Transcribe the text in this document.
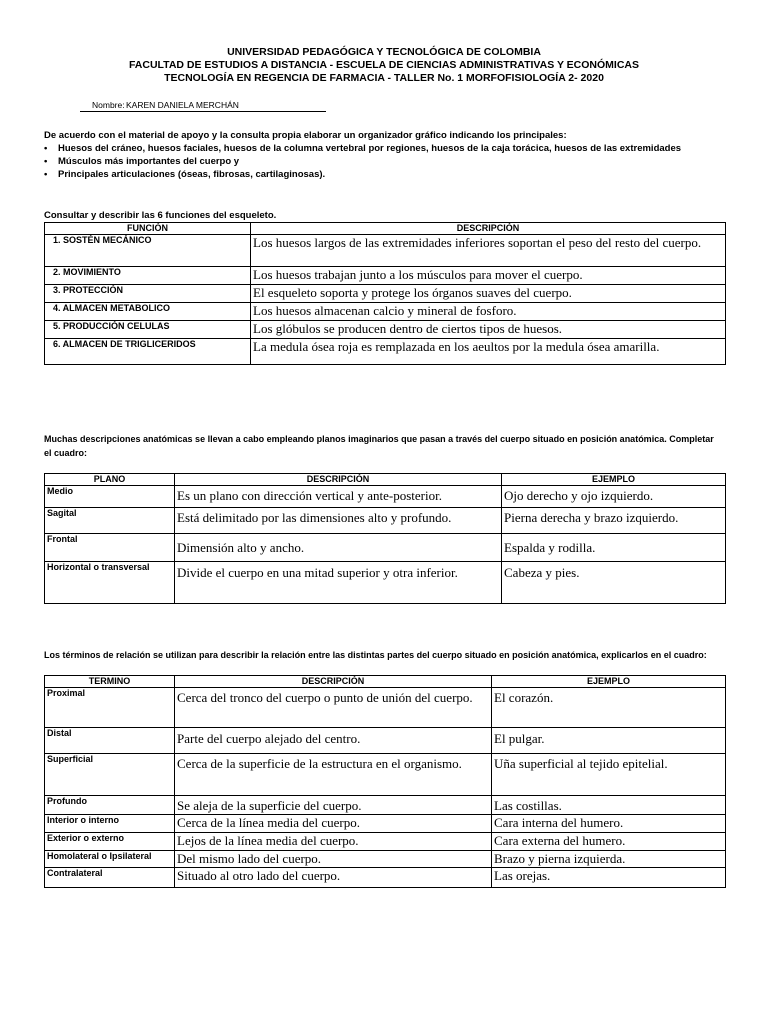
UNIVERSIDAD PEDAGÓGICA Y TECNOLÓGICA DE COLOMBIA
FACULTAD DE ESTUDIOS A DISTANCIA - ESCUELA DE CIENCIAS ADMINISTRATIVAS Y ECONÓMICAS
TECNOLOGÍA EN REGENCIA DE FARMACIA - TALLER No. 1 MORFOFISIOLOGÍA 2- 2020
Nombre: KAREN DANIELA MERCHÁN
De acuerdo con el material de apoyo y la consulta propia elaborar un organizador gráfico indicando los principales:
• Huesos del cráneo, huesos faciales, huesos de la columna vertebral por regiones, huesos de la caja torácica, huesos de las extremidades
• Músculos más importantes del cuerpo y
• Principales articulaciones (óseas, fibrosas, cartilaginosas).
Consultar y describir las 6 funciones del esqueleto.
FUNCIÓN	DESCRIPCIÓN
1. SOSTÉN MECÁNICO	Los huesos largos de las extremidades inferiores soportan el peso del resto del cuerpo.
2. MOVIMIENTO	Los huesos trabajan junto a los músculos para mover el cuerpo.
3. PROTECCIÓN	El esqueleto soporta y protege los órganos suaves del cuerpo.
4. ALMACEN METABOLICO	Los huesos almacenan calcio y mineral de fosforo.
5. PRODUCCIÓN CELULAS	Los glóbulos se producen dentro de ciertos tipos de huesos.
6. ALMACEN DE TRIGLICERIDOS	La medula ósea roja es remplazada en los aeultos por la medula ósea amarilla.
Muchas descripciones anatómicas se llevan a cabo empleando planos imaginarios que pasan a través del cuerpo situado en posición anatómica. Completar
el cuadro:
PLANO	DESCRIPCIÓN	EJEMPLO
Medio	Es un plano con dirección vertical y ante-posterior.	Ojo derecho y ojo izquierdo.
Sagital	Está delimitado por las dimensiones alto y profundo.	Pierna derecha y brazo izquierdo.
Frontal	Dimensión alto y ancho.	Espalda y rodilla.
Horizontal o transversal	Divide el cuerpo en una mitad superior y otra inferior.	Cabeza y pies.
Los términos de relación se utilizan para describir la relación entre las distintas partes del cuerpo situado en posición anatómica, explicarlos en el cuadro:
TERMINO	DESCRIPCIÓN	EJEMPLO
Proximal	Cerca del tronco del cuerpo o punto de unión del cuerpo.	El corazón.
Distal	Parte del cuerpo alejado del centro.	El pulgar.
Superficial	Cerca de la superficie de la estructura en el organismo.	Uña superficial al tejido epitelial.
Profundo	Se aleja de la superficie del cuerpo.	Las costillas.
Interior o interno	Cerca de la línea media del cuerpo.	Cara interna del humero.
Exterior o externo	Lejos de la línea media del cuerpo.	Cara externa del humero.
Homolateral o Ipsilateral	Del mismo lado del cuerpo.	Brazo y pierna izquierda.
Contralateral	Situado al otro lado del cuerpo.	Las orejas.
